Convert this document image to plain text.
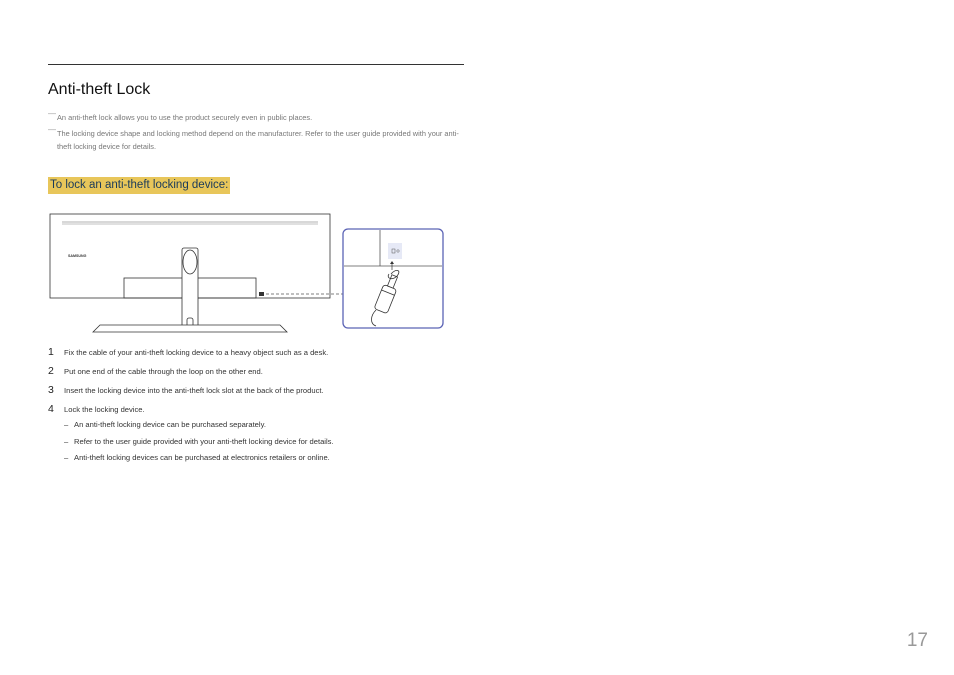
Anti-theft Lock
― An anti-theft lock allows you to use the product securely even in public places.
― The locking device shape and locking method depend on the manufacturer. Refer to the user guide provided with your anti-theft locking device for details.
To lock an anti-theft locking device:
SAMSUNG
1 Fix the cable of your anti-theft locking device to a heavy object such as a desk.
2 Put one end of the cable through the loop on the other end.
3 Insert the locking device into the anti-theft lock slot at the back of the product.
4 Lock the locking device.
– An anti-theft locking device can be purchased separately.
– Refer to the user guide provided with your anti-theft locking device for details.
– Anti-theft locking devices can be purchased at electronics retailers or online.
17
